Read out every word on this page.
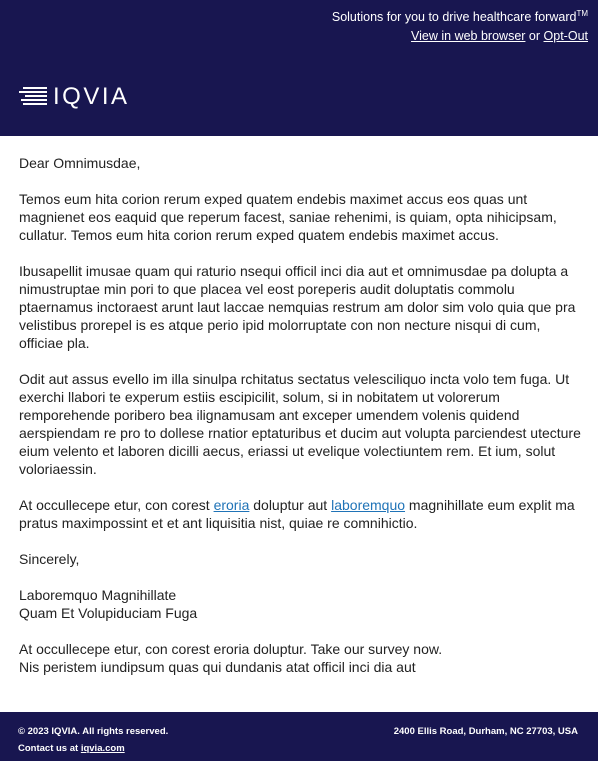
Solutions for you to drive healthcare forward™
View in web browser or Opt-Out
IQVIA

Dear Omnimusdae,

Temos eum hita corion rerum exped quatem endebis maximet accus eos quas unt magnienet eos eaquid que reperum facest, saniae rehenimi, is quiam, opta nihicipsam, cullatur. Temos eum hita corion rerum exped quatem endebis maximet accus.

Ibusapellit imusae quam qui raturio nsequi officil inci dia aut et omnimusdae pa dolupta a nimustruptae min pori to que placea vel eost poreperis audit doluptatis commolu ptaernamus inctoraest arunt laut laccae nemquias restrum am dolor sim volo quia que pra velistibus prorepel is es atque perio ipid molorruptate con non necture nisqui di cum, officiae pla.

Odit aut assus evello im illa sinulpa rchitatus sectatus velesciliquo incta volo tem fuga. Ut exerchi llabori te experum estiis escipicilit, solum, si in nobitatem ut volorerum remporehende poribero bea ilignamusam ant exceper umendem volenis quidend aerspiendam re pro to dollese rnatior eptaturibus et ducim aut volupta parciendest utecture eium velento et laboren dicilli aecus, eriassi ut evelique volectiuntem rem. Et ium, solut voloriaessin.

At occullecepe etur, con corest eroria doluptur aut laboremquo magnihillate eum explit ma pratus maximpossint et et ant liquisitia nist, quiae re comnihictio.

Sincerely,

Laboremquo Magnihillate

Quam Et Volupiduciam Fuga

At occullecepe etur, con corest eroria doluptur. Take our survey now.

Nis peristem iundipsum quas qui dundanis atat officil inci dia aut

© 2023 IQVIA. All rights reserved.
Contact us at iqvia.com
2400 Ellis Road, Durham, NC 27703, USA
